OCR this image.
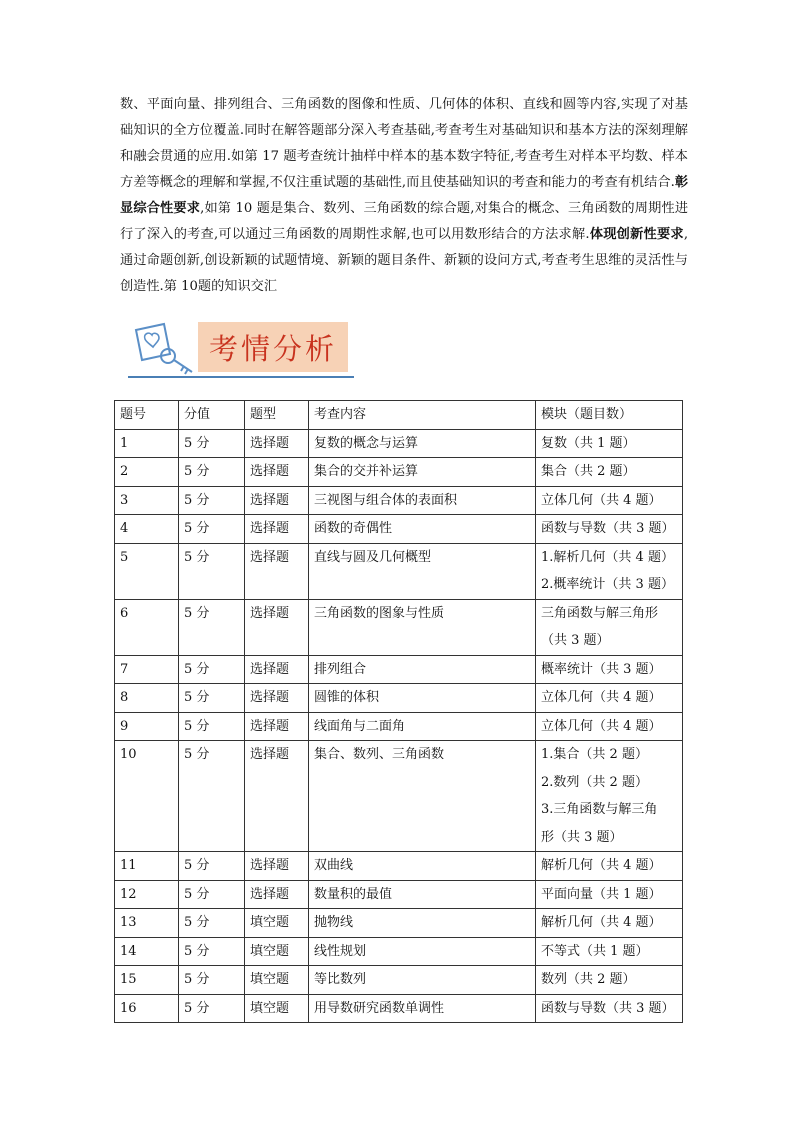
数、平面向量、排列组合、三角函数的图像和性质、几何体的体积、直线和圆等内容,实现了对基础知识的全方位覆盖.同时在解答题部分深入考查基础,考查考生对基础知识和基本方法的深刻理解和融会贯通的应用.如第 17 题考查统计抽样中样本的基本数字特征,考查考生对样本平均数、样本方差等概念的理解和掌握,不仅注重试题的基础性,而且使基础知识的考查和能力的考查有机结合.彰显综合性要求,如第 10 题是集合、数列、三角函数的综合题,对集合的概念、三角函数的周期性进行了深入的考查,可以通过三角函数的周期性求解,也可以用数形结合的方法求解.体现创新性要求,通过命题创新,创设新颖的试题情境、新颖的题目条件、新颖的设问方式,考查考生思维的灵活性与创造性.第 10题的知识交汇
考情分析
题号	分值	题型	考查内容	模块（题目数）
1	5 分	选择题	复数的概念与运算	复数（共 1 题）

2	5 分	选择题	集合的交并补运算	集合（共 2 题）

3	5 分	选择题	三视图与组合体的表面积	立体几何（共 4 题）

4	5 分	选择题	函数的奇偶性	函数与导数（共 3 题）

5	5 分	选择题	直线与圆及几何概型	1.解析几何（共 4 题）
2.概率统计（共 3 题）

6	5 分	选择题	三角函数的图象与性质	三角函数与解三角形
（共 3 题）

7	5 分	选择题	排列组合	概率统计（共 3 题）

8	5 分	选择题	圆锥的体积	立体几何（共 4 题）

9	5 分	选择题	线面角与二面角	立体几何（共 4 题）

10	5 分	选择题	集合、数列、三角函数	1.集合（共 2 题）
2.数列（共 2 题）
3.三角函数与解三角
形（共 3 题）

11	5 分	选择题	双曲线	解析几何（共 4 题）

12	5 分	选择题	数量积的最值	平面向量（共 1 题）

13	5 分	填空题	抛物线	解析几何（共 4 题）

14	5 分	填空题	线性规划	不等式（共 1 题）

15	5 分	填空题	等比数列	数列（共 2 题）

16	5 分	填空题	用导数研究函数单调性	函数与导数（共 3 题）
